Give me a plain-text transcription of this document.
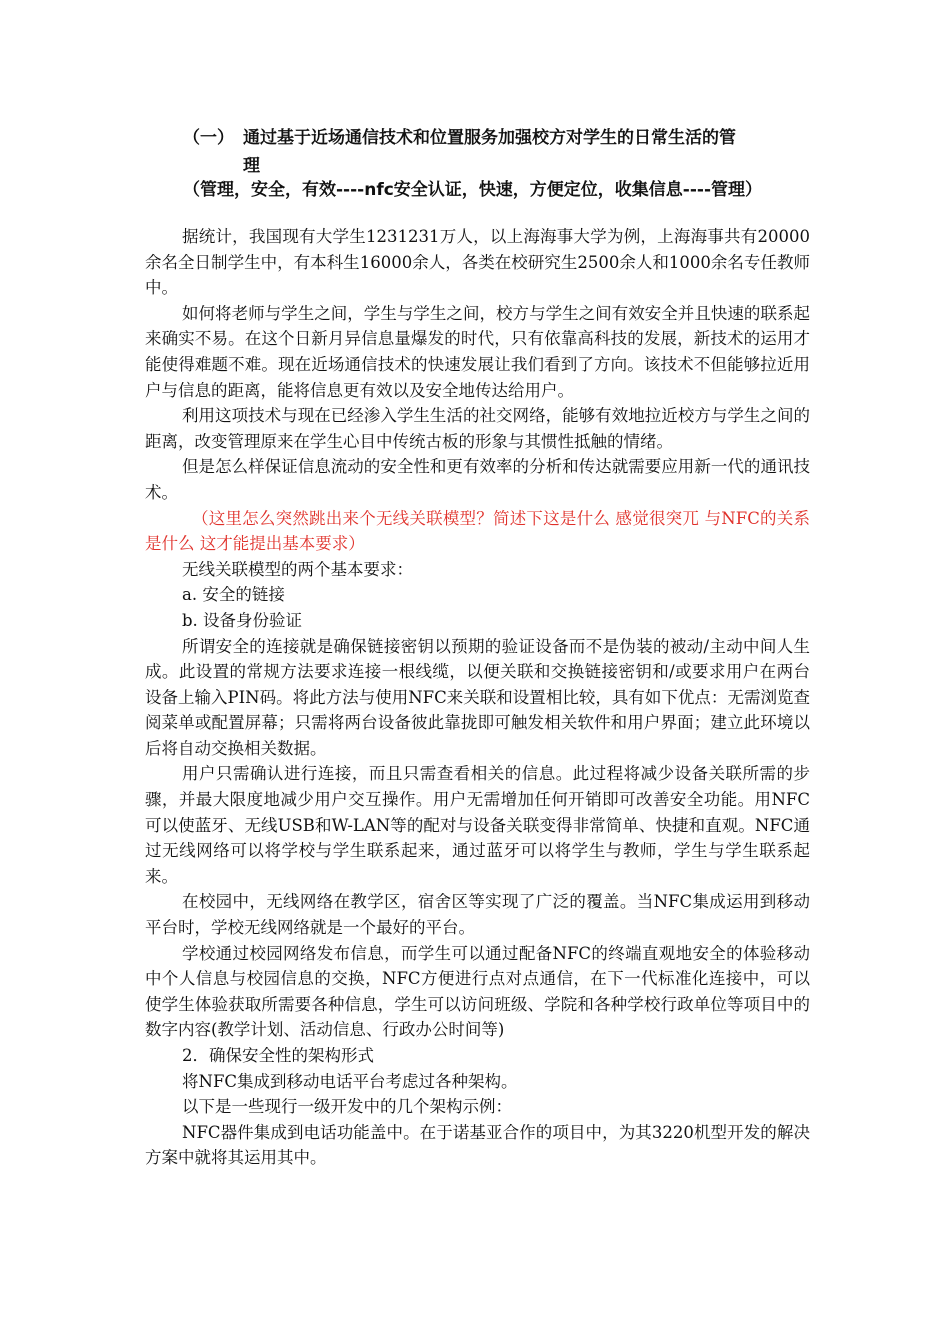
（一） 通过基于近场通信技术和位置服务加强校方对学生的日常生活的管
理
（管理，安全，有效----nfc安全认证，快速，方便定位，收集信息----管理）

据统计，我国现有大学生1231231万人，以上海海事大学为例，上海海事共有20000余名全日制学生中，有本科生16000余人，各类在校研究生2500余人和1000余名专任教师中。

如何将老师与学生之间，学生与学生之间，校方与学生之间有效安全并且快速的联系起来确实不易。在这个日新月异信息量爆发的时代，只有依靠高科技的发展，新技术的运用才能使得难题不难。现在近场通信技术的快速发展让我们看到了方向。该技术不但能够拉近用户与信息的距离，能将信息更有效以及安全地传达给用户。

利用这项技术与现在已经渗入学生生活的社交网络，能够有效地拉近校方与学生之间的距离，改变管理原来在学生心目中传统古板的形象与其惯性抵触的情绪。

但是怎么样保证信息流动的安全性和更有效率的分析和传达就需要应用新一代的通讯技术。

（这里怎么突然跳出来个无线关联模型？简述下这是什么 感觉很突兀 与NFC的关系是什么 这才能提出基本要求）

无线关联模型的两个基本要求：

a. 安全的链接

b. 设备身份验证

所谓安全的连接就是确保链接密钥以预期的验证设备而不是伪装的被动/主动中间人生成。此设置的常规方法要求连接一根线缆，以便关联和交换链接密钥和/或要求用户在两台设备上输入PIN码。将此方法与使用NFC来关联和设置相比较，具有如下优点：无需浏览查阅菜单或配置屏幕；只需将两台设备彼此靠拢即可触发相关软件和用户界面；建立此环境以后将自动交换相关数据。

用户只需确认进行连接，而且只需查看相关的信息。此过程将减少设备关联所需的步骤，并最大限度地减少用户交互操作。用户无需增加任何开销即可改善安全功能。用NFC可以使蓝牙、无线USB和W-LAN等的配对与设备关联变得非常简单、快捷和直观。NFC通过无线网络可以将学校与学生联系起来，通过蓝牙可以将学生与教师，学生与学生联系起来。

在校园中，无线网络在教学区，宿舍区等实现了广泛的覆盖。当NFC集成运用到移动平台时，学校无线网络就是一个最好的平台。

学校通过校园网络发布信息，而学生可以通过配备NFC的终端直观地安全的体验移动中个人信息与校园信息的交换，NFC方便进行点对点通信，在下一代标准化连接中，可以使学生体验获取所需要各种信息，学生可以访问班级、学院和各种学校行政单位等项目中的数字内容(教学计划、活动信息、行政办公时间等)

2．确保安全性的架构形式

将NFC集成到移动电话平台考虑过各种架构。

以下是一些现行一级开发中的几个架构示例：

NFC器件集成到电话功能盖中。在于诺基亚合作的项目中，为其3220机型开发的解决方案中就将其运用其中。
